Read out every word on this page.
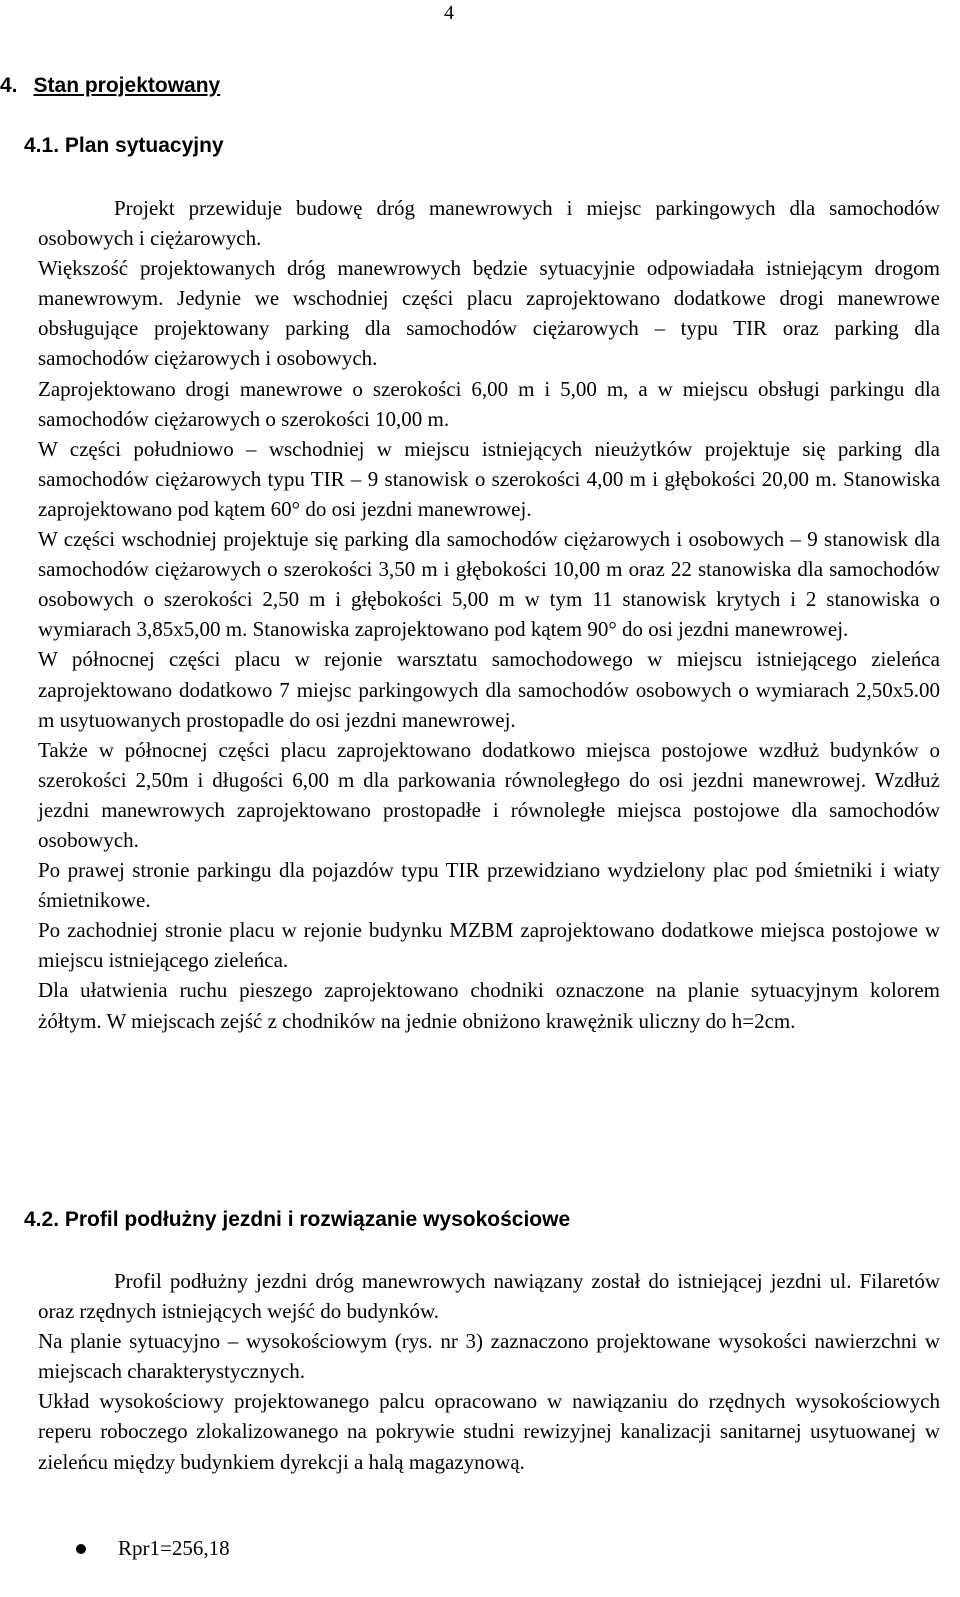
4
4. Stan projektowany
4.1. Plan sytuacyjny

Projekt przewiduje budowę dróg manewrowych i miejsc parkingowych dla samochodów osobowych i ciężarowych.

Większość projektowanych dróg manewrowych będzie sytuacyjnie odpowiadała istniejącym drogom manewrowym. Jedynie we wschodniej części placu zaprojektowano dodatkowe drogi manewrowe obsługujące projektowany parking dla samochodów ciężarowych – typu TIR oraz parking dla samochodów ciężarowych i osobowych.

Zaprojektowano drogi manewrowe o szerokości 6,00 m i 5,00 m, a w miejscu obsługi parkingu dla samochodów ciężarowych o szerokości 10,00 m.

W części południowo – wschodniej w miejscu istniejących nieużytków projektuje się parking dla samochodów ciężarowych typu TIR – 9 stanowisk o szerokości 4,00 m i głębokości 20,00 m. Stanowiska zaprojektowano pod kątem 60° do osi jezdni manewrowej.

W części wschodniej projektuje się parking dla samochodów ciężarowych i osobowych – 9 stanowisk dla samochodów ciężarowych o szerokości 3,50 m i głębokości 10,00 m oraz 22 stanowiska dla samochodów osobowych o szerokości 2,50 m i głębokości 5,00 m w tym 11 stanowisk krytych i 2 stanowiska o wymiarach 3,85x5,00 m. Stanowiska zaprojektowano pod kątem 90° do osi jezdni manewrowej.

W północnej części placu w rejonie warsztatu samochodowego w miejscu istniejącego zieleńca zaprojektowano dodatkowo 7 miejsc parkingowych dla samochodów osobowych o wymiarach 2,50x5.00 m usytuowanych prostopadle do osi jezdni manewrowej.

Także w północnej części placu zaprojektowano dodatkowo miejsca postojowe wzdłuż budynków o szerokości 2,50m i długości 6,00 m dla parkowania równoległego do osi jezdni manewrowej. Wzdłuż jezdni manewrowych zaprojektowano prostopadłe i równoległe miejsca postojowe dla samochodów osobowych.

Po prawej stronie parkingu dla pojazdów typu TIR przewidziano wydzielony plac pod śmietniki i wiaty śmietnikowe.

Po zachodniej stronie placu w rejonie budynku MZBM zaprojektowano dodatkowe miejsca postojowe w miejscu istniejącego zieleńca.

Dla ułatwienia ruchu pieszego zaprojektowano chodniki oznaczone na planie sytuacyjnym kolorem żółtym. W miejscach zejść z chodników na jednie obniżono krawężnik uliczny do h=2cm.

4.2. Profil podłużny jezdni i rozwiązanie wysokościowe

Profil podłużny jezdni dróg manewrowych nawiązany został do istniejącej jezdni ul. Filaretów oraz rzędnych istniejących wejść do budynków.

Na planie sytuacyjno – wysokościowym (rys. nr 3) zaznaczono projektowane wysokości nawierzchni w miejscach charakterystycznych.

Układ wysokościowy projektowanego palcu opracowano w nawiązaniu do rzędnych wysokościowych reperu roboczego zlokalizowanego na pokrywie studni rewizyjnej kanalizacji sanitarnej usytuowanej w zieleńcu między budynkiem dyrekcji a halą magazynową.

Rpr1=256,18
